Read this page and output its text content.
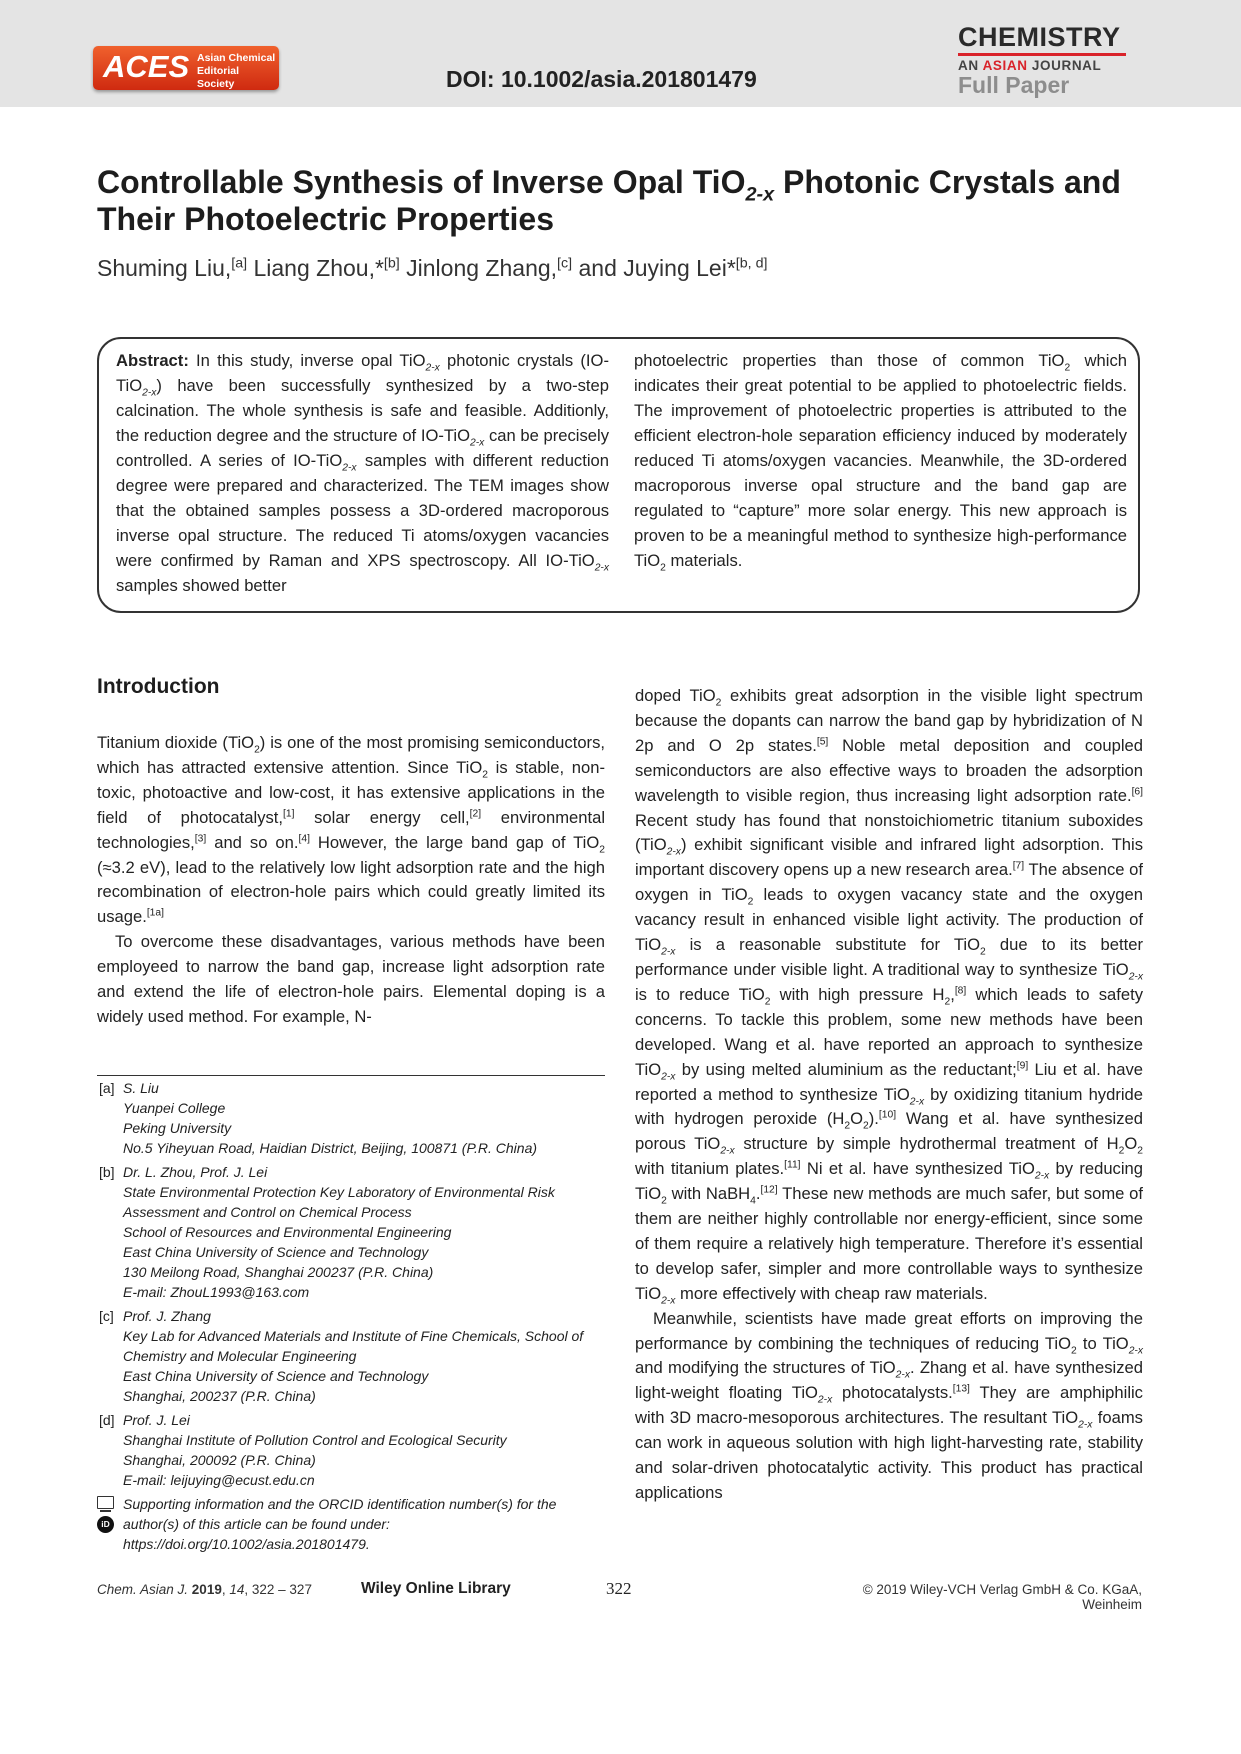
ACES Asian Chemical Editorial Society	DOI: 10.1002/asia.201801479
CHEMISTRY
AN ASIAN JOURNAL
Full Paper
Controllable Synthesis of Inverse Opal TiO$_{2-x}$ Photonic Crystals and Their Photoelectric Properties
Shuming Liu,[a] Liang Zhou,*[b] Jinlong Zhang,[c] and Juying Lei*[b, d]

Abstract: In this study, inverse opal TiO$_{2-x}$ photonic crystals (IO-TiO$_{2-x}$) have been successfully synthesized by a two-step calcination. The whole synthesis is safe and feasible. Additionly, the reduction degree and the structure of IO-TiO$_{2-x}$ can be precisely controlled. A series of IO-TiO$_{2-x}$ samples with different reduction degree were prepared and characterized. The TEM images show that the obtained samples possess a 3D-ordered macroporous inverse opal structure. The reduced Ti atoms/oxygen vacancies were confirmed by Raman and XPS spectroscopy. All IO-TiO$_{2-x}$ samples showed better

photoelectric properties than those of common TiO$_2$ which indicates their great potential to be applied to photoelectric fields. The improvement of photoelectric properties is attributed to the efficient electron-hole separation efficiency induced by moderately reduced Ti atoms/oxygen vacancies. Meanwhile, the 3D-ordered macroporous inverse opal structure and the band gap are regulated to “capture” more solar energy. This new approach is proven to be a meaningful method to synthesize high-performance TiO$_2$ materials.

Introduction

Titanium dioxide (TiO$_2$) is one of the most promising semiconductors, which has attracted extensive attention. Since TiO$_2$ is stable, non-toxic, photoactive and low-cost, it has extensive applications in the field of photocatalyst,[1] solar energy cell,[2] environmental technologies,[3] and so on.[4] However, the large band gap of TiO$_2$ (≈3.2 eV), lead to the relatively low light adsorption rate and the high recombination of electron-hole pairs which could greatly limited its usage.[1a]

To overcome these disadvantages, various methods have been employeed to narrow the band gap, increase light adsorption rate and extend the life of electron-hole pairs. Elemental doping is a widely used method. For example, N-

[a] S. Liu
Yuanpei College
Peking University
No.5 Yiheyuan Road, Haidian District, Beijing, 100871 (P.R. China)
[b] Dr. L. Zhou, Prof. J. Lei
State Environmental Protection Key Laboratory of Environmental Risk Assessment and Control on Chemical Process
School of Resources and Environmental Engineering
East China University of Science and Technology
130 Meilong Road, Shanghai 200237 (P.R. China)
E-mail: ZhouL1993@163.com
[c] Prof. J. Zhang
Key Lab for Advanced Materials and Institute of Fine Chemicals, School of Chemistry and Molecular Engineering
East China University of Science and Technology
Shanghai, 200237 (P.R. China)
[d] Prof. J. Lei
Shanghai Institute of Pollution Control and Ecological Security
Shanghai, 200092 (P.R. China)
E-mail: leijuying@ecust.edu.cn
iD
Supporting information and the ORCID identification number(s) for the author(s) of this article can be found under: https://doi.org/10.1002/asia.201801479.

doped TiO$_2$ exhibits great adsorption in the visible light spectrum because the dopants can narrow the band gap by hybridization of N 2p and O 2p states.[5] Noble metal deposition and coupled semiconductors are also effective ways to broaden the adsorption wavelength to visible region, thus increasing light adsorption rate.[6] Recent study has found that nonstoichiometric titanium suboxides (TiO$_{2-x}$) exhibit significant visible and infrared light adsorption. This important discovery opens up a new research area.[7] The absence of oxygen in TiO$_2$ leads to oxygen vacancy state and the oxygen vacancy result in enhanced visible light activity. The production of TiO$_{2-x}$ is a reasonable substitute for TiO$_2$ due to its better performance under visible light. A traditional way to synthesize TiO$_{2-x}$ is to reduce TiO$_2$ with high pressure $H_2,[8]$ which leads to safety concerns. To tackle this problem, some new methods have been developed. Wang et al. have reported an approach to synthesize TiO$_{2-x}$ by using melted aluminium as the reductant;[9] Liu et al. have reported a method to synthesize TiO$_{2-x}$ by oxidizing titanium hydride with hydrogen peroxide $(H_2O_2).[10]$ Wang et al. have synthesized porous TiO$_{2-x}$ structure by simple hydrothermal treatment of $H_2O_2$ with titanium plates.[11] Ni et al. have synthesized TiO$_{2-x}$ by reducing TiO$_2$ with NaBH$_4$.[12] These new methods are much safer, but some of them are neither highly controllable nor energy-efficient, since some of them require a relatively high temperature. Therefore it’s essential to develop safer, simpler and more controllable ways to synthesize TiO$_{2-x}$ more effectively with cheap raw materials.

Meanwhile, scientists have made great efforts on improving the performance by combining the techniques of reducing TiO$_2$ to TiO$_{2-x}$ and modifying the structures of TiO$_{2-x}$. Zhang et al. have synthesized light-weight floating TiO$_{2-x}$ photocatalysts.[13] They are amphiphilic with 3D macro-mesoporous architectures. The resultant TiO$_{2-x}$ foams can work in aqueous solution with high light-harvesting rate, stability and solar-driven photocatalytic activity. This product has practical applications

Chem. Asian J. 2019, 14, 322 – 327	Wiley Online Library	322	© 2019 Wiley-VCH Verlag GmbH & Co. KGaA, Weinheim
